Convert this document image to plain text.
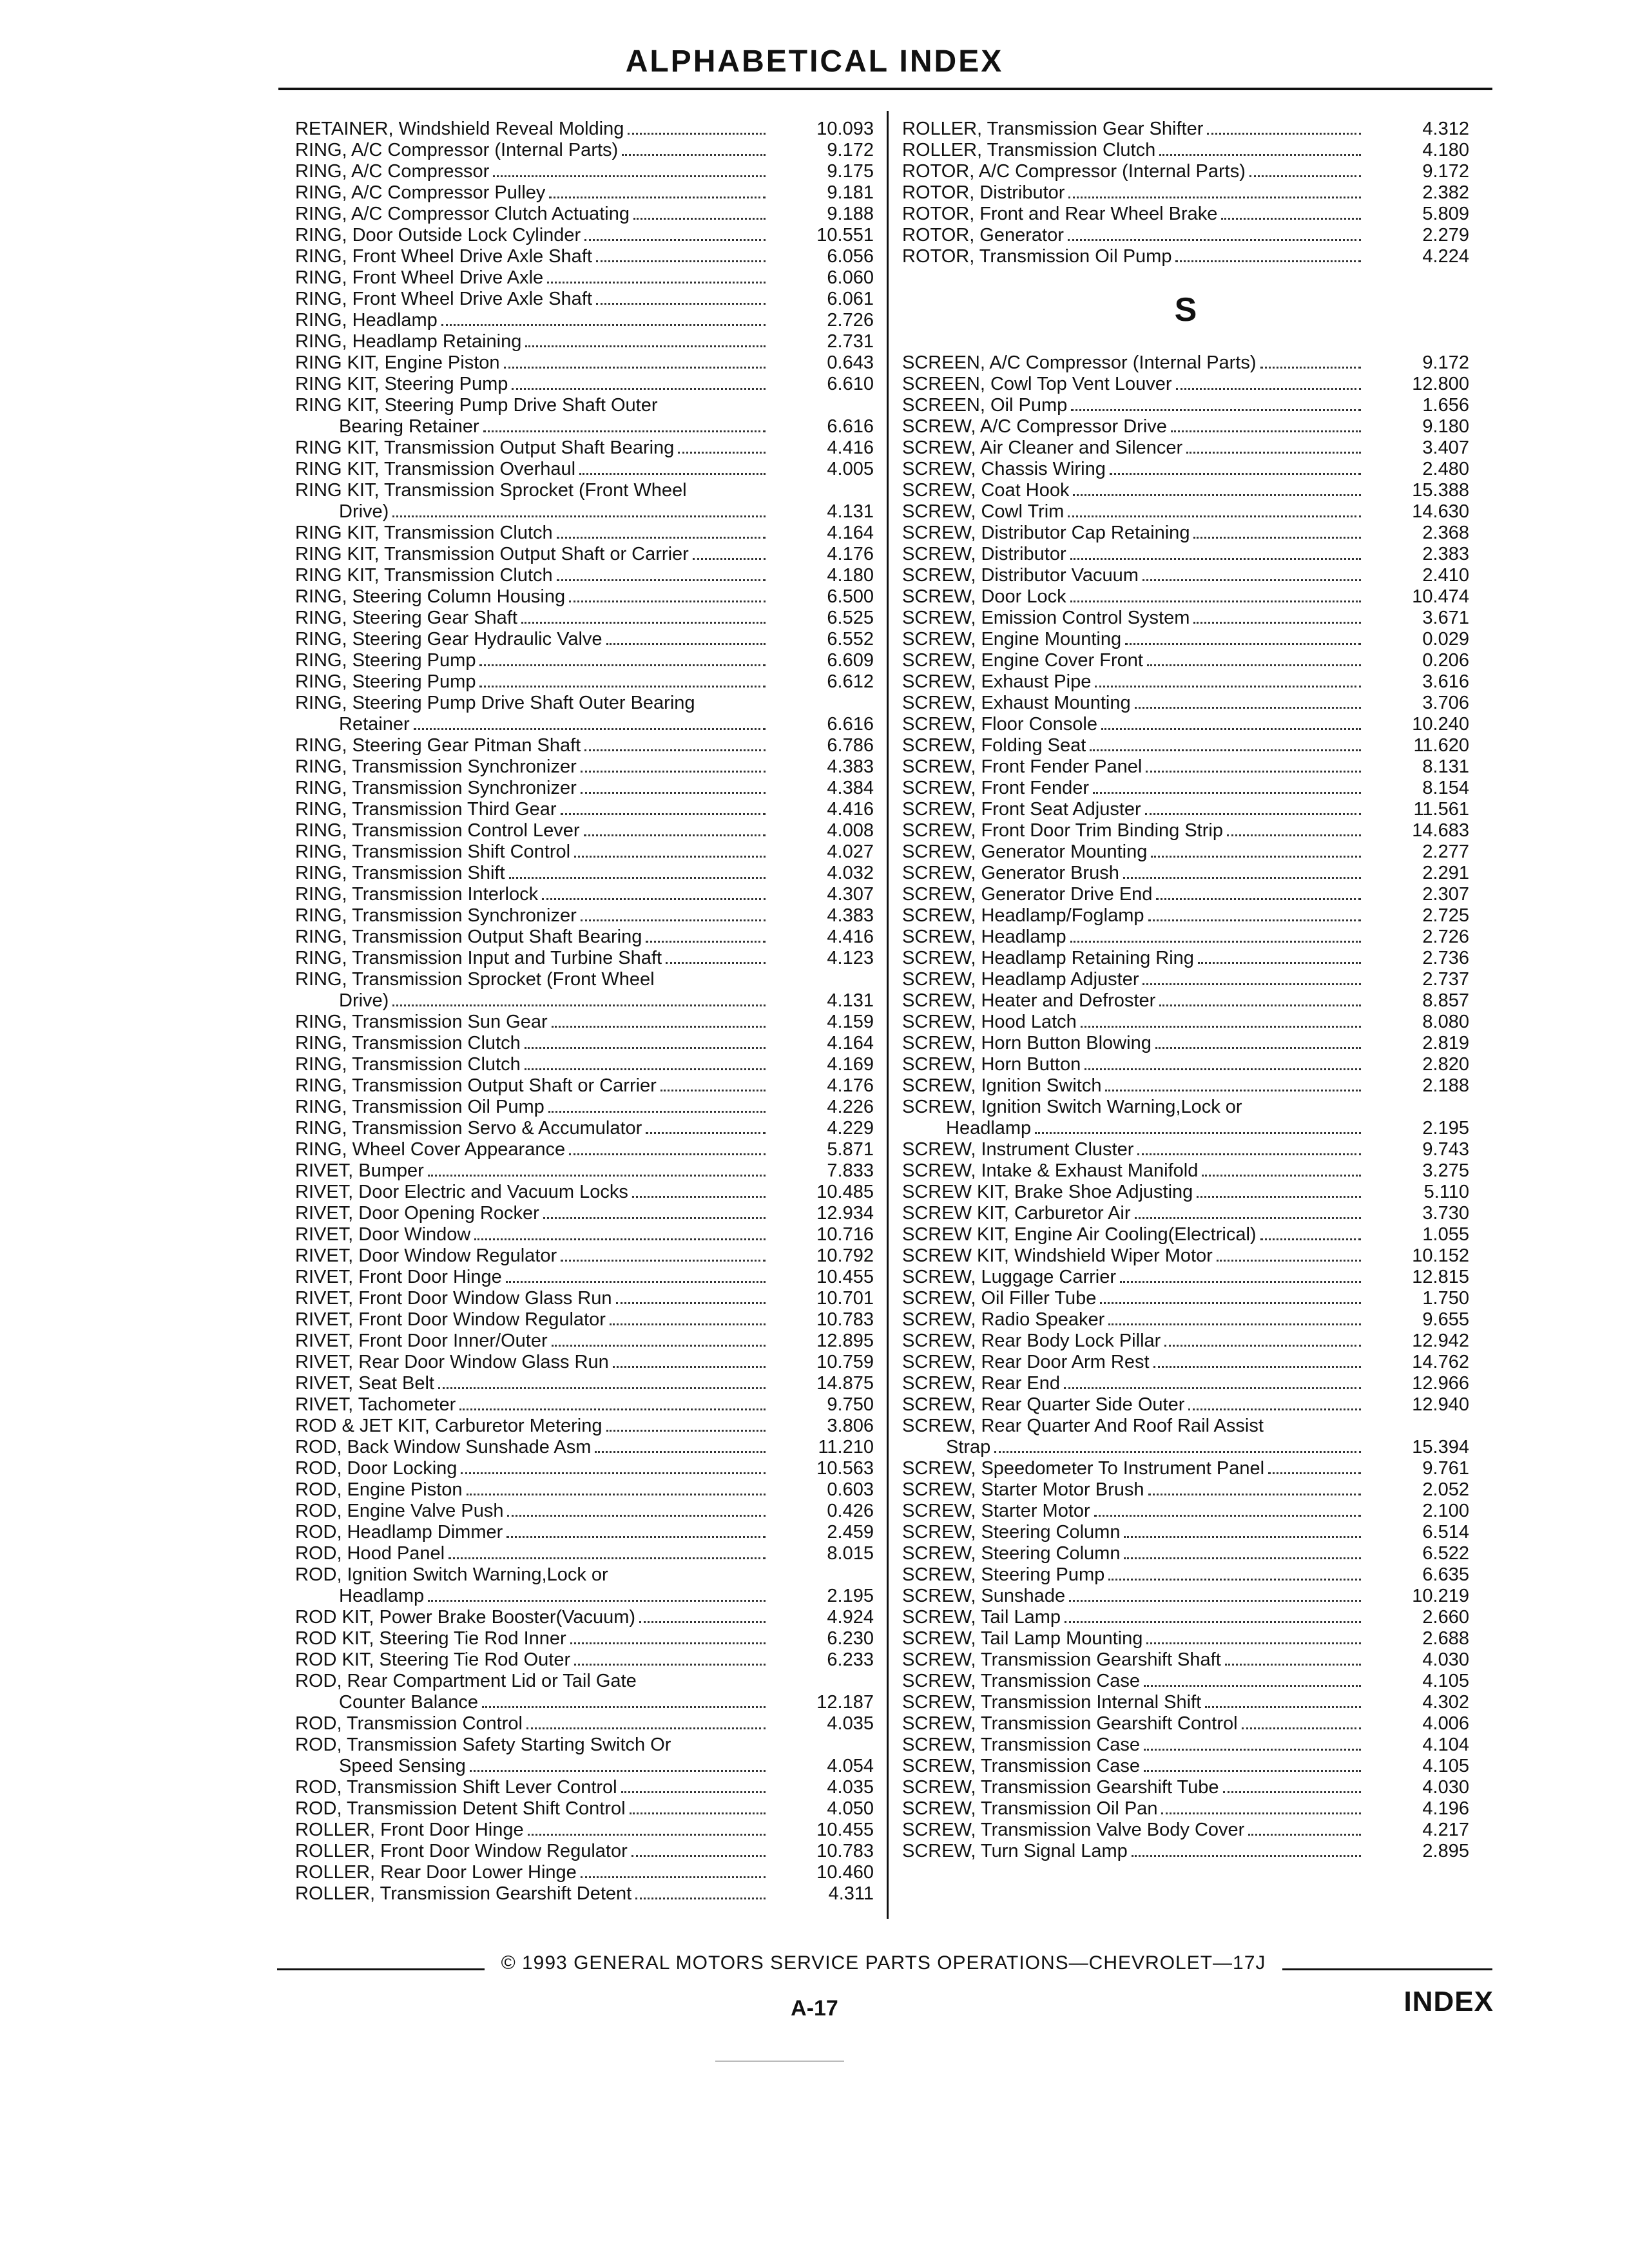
ALPHABETICAL INDEX
RETAINER, Windshield Reveal Molding	10.093
RING, A/C Compressor (Internal Parts)	9.172
RING, A/C Compressor	9.175
RING, A/C Compressor Pulley	9.181
RING, A/C Compressor Clutch Actuating	9.188
RING, Door Outside Lock Cylinder	10.551
RING, Front Wheel Drive Axle Shaft	6.056
RING, Front Wheel Drive Axle	6.060
RING, Front Wheel Drive Axle Shaft	6.061
RING, Headlamp	2.726
RING, Headlamp Retaining	2.731
RING KIT, Engine Piston	0.643
RING KIT, Steering Pump	6.610
RING KIT, Steering Pump Drive Shaft Outer
Bearing Retainer	6.616
RING KIT, Transmission Output Shaft Bearing	4.416
RING KIT, Transmission Overhaul	4.005
RING KIT, Transmission Sprocket (Front Wheel
Drive)	4.131
RING KIT, Transmission Clutch	4.164
RING KIT, Transmission Output Shaft or Carrier	4.176
RING KIT, Transmission Clutch	4.180
RING, Steering Column Housing	6.500
RING, Steering Gear Shaft	6.525
RING, Steering Gear Hydraulic Valve	6.552
RING, Steering Pump	6.609
RING, Steering Pump	6.612
RING, Steering Pump Drive Shaft Outer Bearing
Retainer	6.616
RING, Steering Gear Pitman Shaft	6.786
RING, Transmission Synchronizer	4.383
RING, Transmission Synchronizer	4.384
RING, Transmission Third Gear	4.416
RING, Transmission Control Lever	4.008
RING, Transmission Shift Control	4.027
RING, Transmission Shift	4.032
RING, Transmission Interlock	4.307
RING, Transmission Synchronizer	4.383
RING, Transmission Output Shaft Bearing	4.416
RING, Transmission Input and Turbine Shaft	4.123
RING, Transmission Sprocket (Front Wheel
Drive)	4.131
RING, Transmission Sun Gear	4.159
RING, Transmission Clutch	4.164
RING, Transmission Clutch	4.169
RING, Transmission Output Shaft or Carrier	4.176
RING, Transmission Oil Pump	4.226
RING, Transmission Servo & Accumulator	4.229
RING, Wheel Cover Appearance	5.871
RIVET, Bumper	7.833
RIVET, Door Electric and Vacuum Locks	10.485
RIVET, Door Opening Rocker	12.934
RIVET, Door Window	10.716
RIVET, Door Window Regulator	10.792
RIVET, Front Door Hinge	10.455
RIVET, Front Door Window Glass Run	10.701
RIVET, Front Door Window Regulator	10.783
RIVET, Front Door Inner/Outer	12.895
RIVET, Rear Door Window Glass Run	10.759
RIVET, Seat Belt	14.875
RIVET, Tachometer	9.750
ROD & JET KIT, Carburetor Metering	3.806
ROD, Back Window Sunshade Asm	11.210
ROD, Door Locking	10.563
ROD, Engine Piston	0.603
ROD, Engine Valve Push	0.426
ROD, Headlamp Dimmer	2.459
ROD, Hood Panel	8.015
ROD, Ignition Switch Warning,Lock or
Headlamp	2.195
ROD KIT, Power Brake Booster(Vacuum)	4.924
ROD KIT, Steering Tie Rod Inner	6.230
ROD KIT, Steering Tie Rod Outer	6.233
ROD, Rear Compartment Lid or Tail Gate
Counter Balance	12.187
ROD, Transmission Control	4.035
ROD, Transmission Safety Starting Switch Or
Speed Sensing	4.054
ROD, Transmission Shift Lever Control	4.035
ROD, Transmission Detent Shift Control	4.050
ROLLER, Front Door Hinge	10.455
ROLLER, Front Door Window Regulator	10.783
ROLLER, Rear Door Lower Hinge	10.460
ROLLER, Transmission Gearshift Detent	4.311
ROLLER, Transmission Gear Shifter	4.312
ROLLER, Transmission Clutch	4.180
ROTOR, A/C Compressor (Internal Parts)	9.172
ROTOR, Distributor	2.382
ROTOR, Front and Rear Wheel Brake	5.809
ROTOR, Generator	2.279
ROTOR, Transmission Oil Pump	4.224
S
SCREEN, A/C Compressor (Internal Parts)	9.172
SCREEN, Cowl Top Vent Louver	12.800
SCREEN, Oil Pump	1.656
SCREW, A/C Compressor Drive	9.180
SCREW, Air Cleaner and Silencer	3.407
SCREW, Chassis Wiring	2.480
SCREW, Coat Hook	15.388
SCREW, Cowl Trim	14.630
SCREW, Distributor Cap Retaining	2.368
SCREW, Distributor	2.383
SCREW, Distributor Vacuum	2.410
SCREW, Door Lock	10.474
SCREW, Emission Control System	3.671
SCREW, Engine Mounting	0.029
SCREW, Engine Cover Front	0.206
SCREW, Exhaust Pipe	3.616
SCREW, Exhaust Mounting	3.706
SCREW, Floor Console	10.240
SCREW, Folding Seat	11.620
SCREW, Front Fender Panel	8.131
SCREW, Front Fender	8.154
SCREW, Front Seat Adjuster	11.561
SCREW, Front Door Trim Binding Strip	14.683
SCREW, Generator Mounting	2.277
SCREW, Generator Brush	2.291
SCREW, Generator Drive End	2.307
SCREW, Headlamp/Foglamp	2.725
SCREW, Headlamp	2.726
SCREW, Headlamp Retaining Ring	2.736
SCREW, Headlamp Adjuster	2.737
SCREW, Heater and Defroster	8.857
SCREW, Hood Latch	8.080
SCREW, Horn Button Blowing	2.819
SCREW, Horn Button	2.820
SCREW, Ignition Switch	2.188
SCREW, Ignition Switch Warning,Lock or
Headlamp	2.195
SCREW, Instrument Cluster	9.743
SCREW, Intake & Exhaust Manifold	3.275
SCREW KIT, Brake Shoe Adjusting	5.110
SCREW KIT, Carburetor Air	3.730
SCREW KIT, Engine Air Cooling(Electrical)	1.055
SCREW KIT, Windshield Wiper Motor	10.152
SCREW, Luggage Carrier	12.815
SCREW, Oil Filler Tube	1.750
SCREW, Radio Speaker	9.655
SCREW, Rear Body Lock Pillar	12.942
SCREW, Rear Door Arm Rest	14.762
SCREW, Rear End	12.966
SCREW, Rear Quarter Side Outer	12.940
SCREW, Rear Quarter And Roof Rail Assist
Strap	15.394
SCREW, Speedometer To Instrument Panel	9.761
SCREW, Starter Motor Brush	2.052
SCREW, Starter Motor	2.100
SCREW, Steering Column	6.514
SCREW, Steering Column	6.522
SCREW, Steering Pump	6.635
SCREW, Sunshade	10.219
SCREW, Tail Lamp	2.660
SCREW, Tail Lamp Mounting	2.688
SCREW, Transmission Gearshift Shaft	4.030
SCREW, Transmission Case	4.105
SCREW, Transmission Internal Shift	4.302
SCREW, Transmission Gearshift Control	4.006
SCREW, Transmission Case	4.104
SCREW, Transmission Case	4.105
SCREW, Transmission Gearshift Tube	4.030
SCREW, Transmission Oil Pan	4.196
SCREW, Transmission Valve Body Cover	4.217
SCREW, Turn Signal Lamp	2.895
© 1993 GENERAL MOTORS SERVICE PARTS OPERATIONS—CHEVROLET—17J
A-17	INDEX
